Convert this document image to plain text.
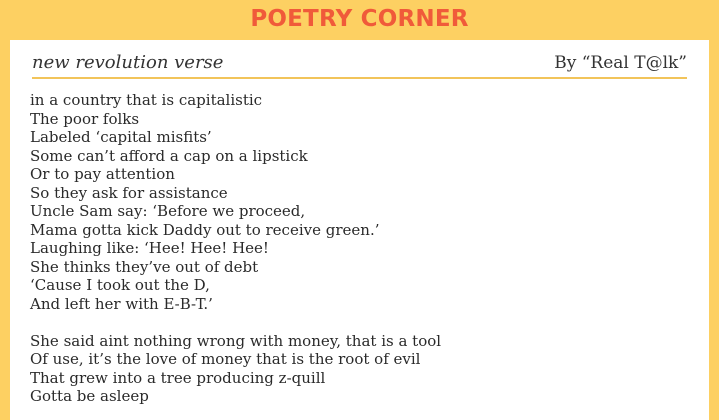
POETRY CORNER
new revolution verse	By “Real T@lk”
in a country that is capitalistic
The poor folks
Labeled ‘capital misfits’
Some can’t afford a cap on a lipstick
Or to pay attention
So they ask for assistance
Uncle Sam say: ‘Before we proceed,
Mama gotta kick Daddy out to receive green.’
Laughing like: ‘Hee! Hee! Hee!
She thinks they’ve out of debt
‘Cause I took out the D,
And left her with E-B-T.’
She said aint nothing wrong with money, that is a tool
Of use, it’s the love of money that is the root of evil
That grew into a tree producing z-quill
Gotta be asleep
